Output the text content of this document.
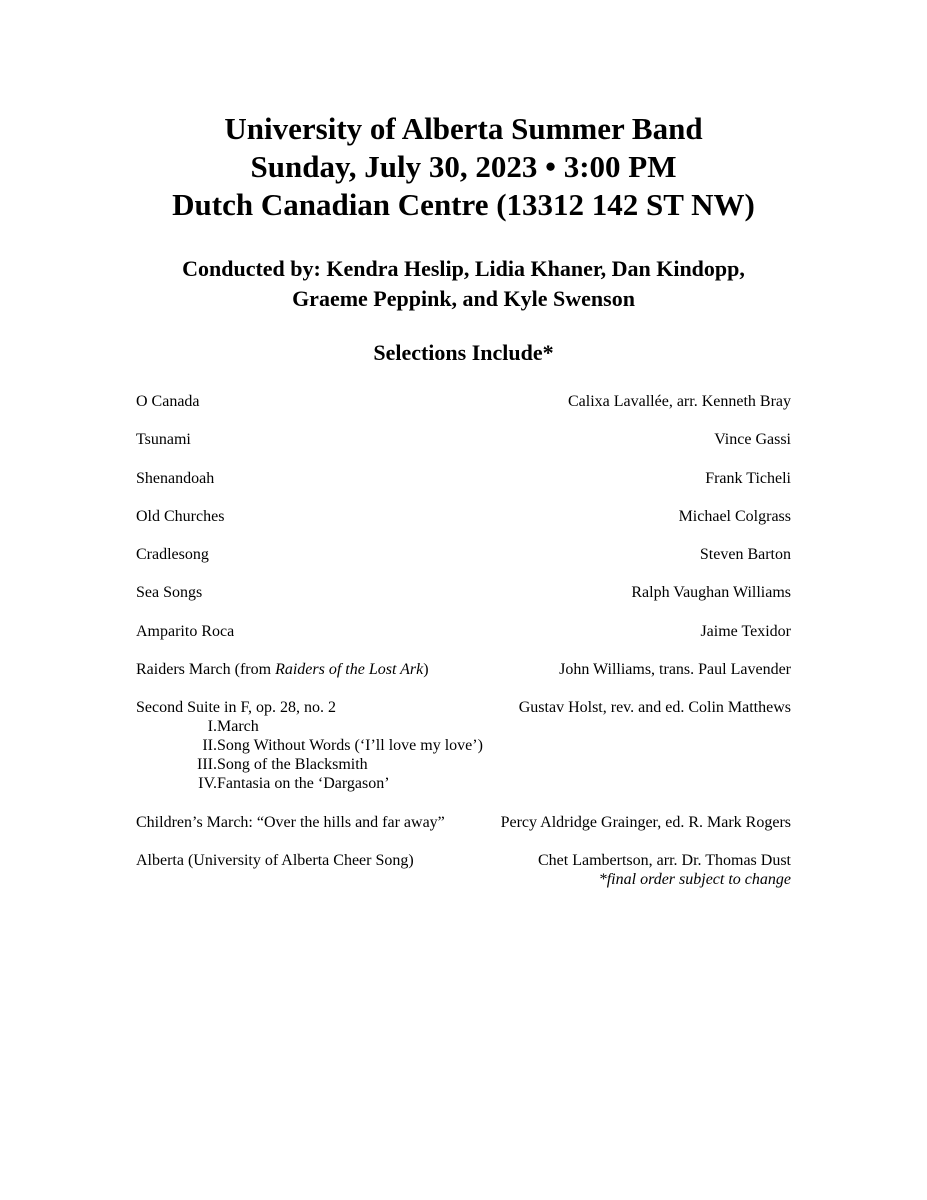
University of Alberta Summer Band
Sunday, July 30, 2023 • 3:00 PM
Dutch Canadian Centre (13312 142 ST NW)
Conducted by: Kendra Heslip, Lidia Khaner, Dan Kindopp,
Graeme Peppink, and Kyle Swenson
Selections Include*
O Canada	Calixa Lavallée, arr. Kenneth Bray
Tsunami	Vince Gassi
Shenandoah	Frank Ticheli
Old Churches	Michael Colgrass
Cradlesong	Steven Barton
Sea Songs	Ralph Vaughan Williams
Amparito Roca	Jaime Texidor
Raiders March (from Raiders of the Lost Ark)	John Williams, trans. Paul Lavender
Second Suite in F, op. 28, no. 2	Gustav Holst, rev. and ed. Colin Matthews
I. March
II. Song Without Words (‘I’ll love my love’)
III. Song of the Blacksmith
IV. Fantasia on the ‘Dargason’
Children’s March: “Over the hills and far away”	Percy Aldridge Grainger, ed. R. Mark Rogers
Alberta (University of Alberta Cheer Song)	Chet Lambertson, arr. Dr. Thomas Dust
*final order subject to change
